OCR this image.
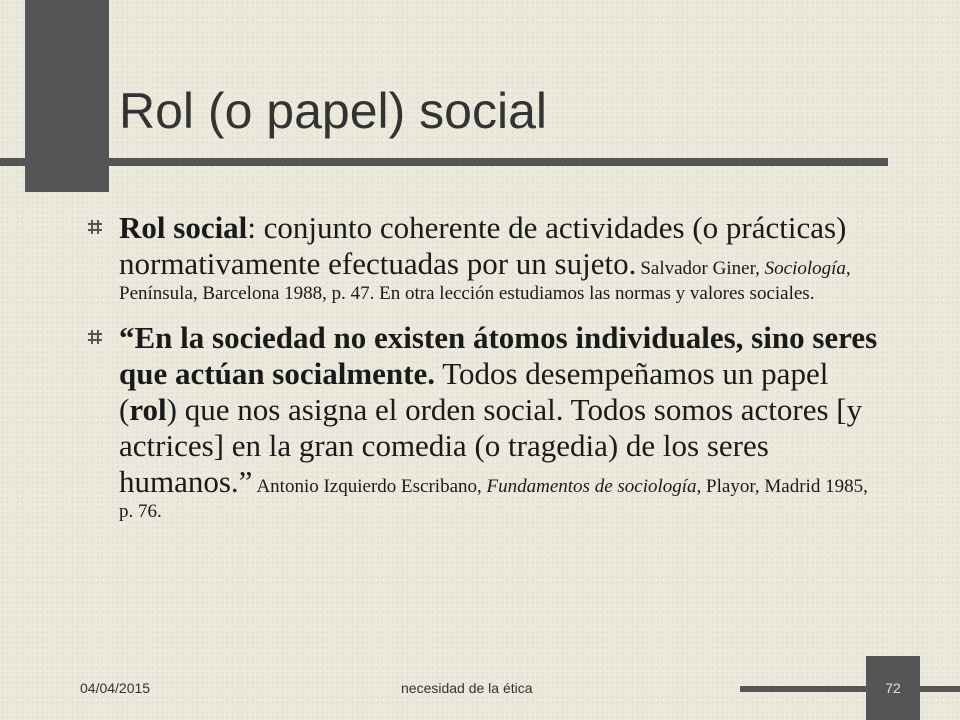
Rol (o papel) social
Rol social: conjunto coherente de actividades (o prácticas) normativamente efectuadas por un sujeto. Salvador Giner, Sociología, Península, Barcelona 1988, p. 47. En otra lección estudiamos las normas y valores sociales.
“En la sociedad no existen átomos individuales, sino seres que actúan socialmente. Todos desempeñamos un papel (rol) que nos asigna el orden social. Todos somos actores [y actrices] en la gran comedia (o tragedia) de los seres humanos.” Antonio Izquierdo Escribano, Fundamentos de sociología, Playor, Madrid 1985, p. 76.
04/04/2015	necesidad de la ética	72
